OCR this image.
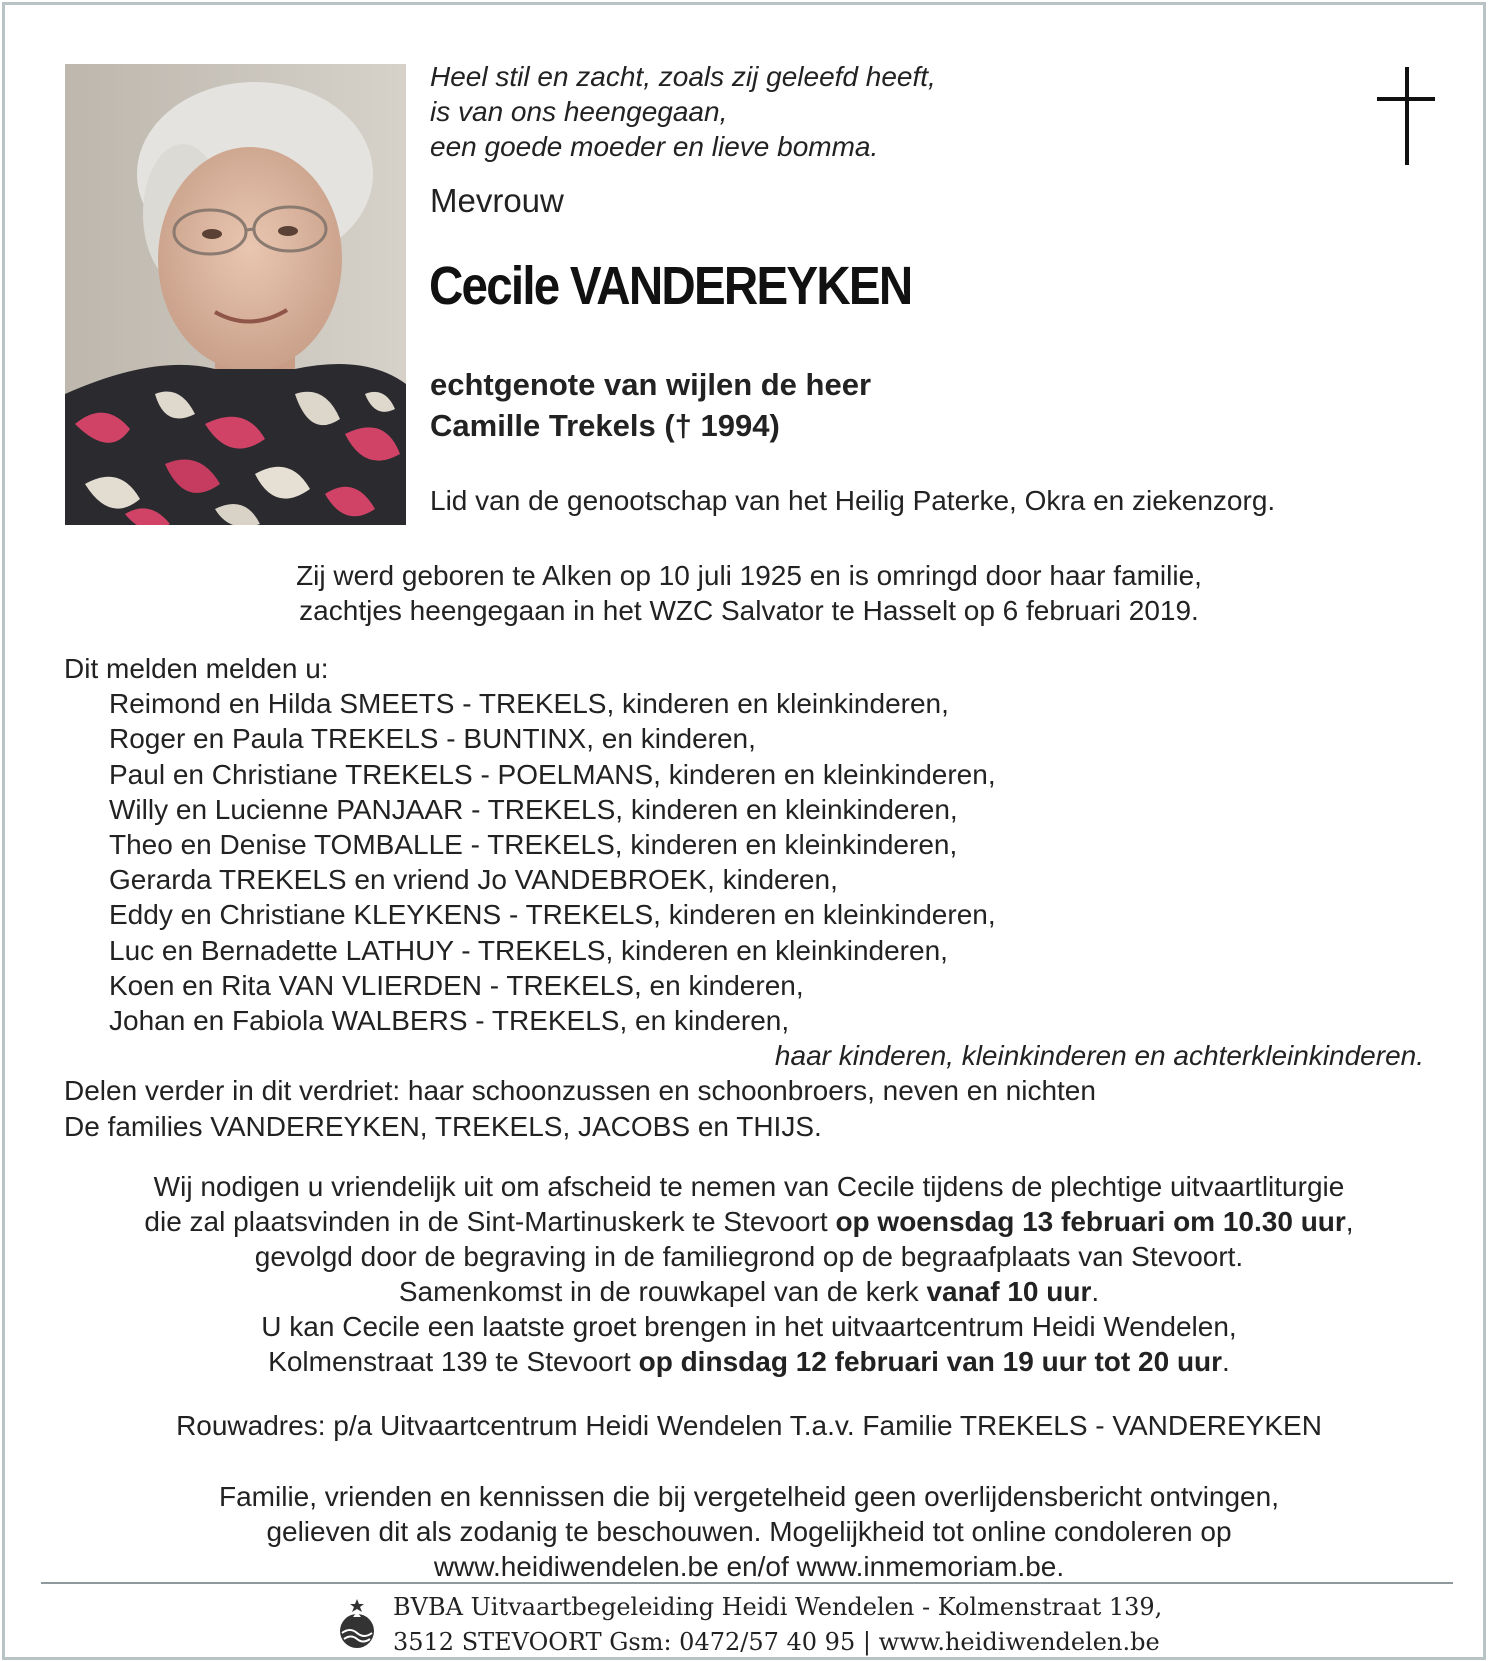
Heel stil en zacht, zoals zij geleefd heeft,
is van ons heengegaan,
een goede moeder en lieve bomma.
Mevrouw
Cecile VANDEREYKEN
echtgenote van wijlen de heer
Camille Trekels († 1994)
Lid van de genootschap van het Heilig Paterke, Okra en ziekenzorg.
Zij werd geboren te Alken op 10 juli 1925 en is omringd door haar familie,
zachtjes heengegaan in het WZC Salvator te Hasselt op 6 februari 2019.
Dit melden melden u:
Reimond en Hilda SMEETS - TREKELS, kinderen en kleinkinderen,
Roger en Paula TREKELS - BUNTINX, en kinderen,
Paul en Christiane TREKELS - POELMANS, kinderen en kleinkinderen,
Willy en Lucienne PANJAAR - TREKELS, kinderen en kleinkinderen,
Theo en Denise TOMBALLE - TREKELS, kinderen en kleinkinderen,
Gerarda TREKELS en vriend Jo VANDEBROEK, kinderen,
Eddy en Christiane KLEYKENS - TREKELS, kinderen en kleinkinderen,
Luc en Bernadette LATHUY - TREKELS, kinderen en kleinkinderen,
Koen en Rita VAN VLIERDEN - TREKELS, en kinderen,
Johan en Fabiola WALBERS - TREKELS, en kinderen,
haar kinderen, kleinkinderen en achterkleinkinderen.
Delen verder in dit verdriet: haar schoonzussen en schoonbroers, neven en nichten
De families VANDEREYKEN, TREKELS, JACOBS en THIJS.
Wij nodigen u vriendelijk uit om afscheid te nemen van Cecile tijdens de plechtige uitvaartliturgie
die zal plaatsvinden in de Sint-Martinuskerk te Stevoort op woensdag 13 februari om 10.30 uur,
gevolgd door de begraving in de familiegrond op de begraafplaats van Stevoort.
Samenkomst in de rouwkapel van de kerk vanaf 10 uur.
U kan Cecile een laatste groet brengen in het uitvaartcentrum Heidi Wendelen,
Kolmenstraat 139 te Stevoort op dinsdag 12 februari van 19 uur tot 20 uur.
Rouwadres: p/a Uitvaartcentrum Heidi Wendelen T.a.v. Familie TREKELS - VANDEREYKEN
Familie, vrienden en kennissen die bij vergetelheid geen overlijdensbericht ontvingen,
gelieven dit als zodanig te beschouwen. Mogelijkheid tot online condoleren op
www.heidiwendelen.be en/of www.inmemoriam.be.
BVBA Uitvaartbegeleiding Heidi Wendelen - Kolmenstraat 139,
3512 STEVOORT Gsm: 0472/57 40 95 | www.heidiwendelen.be
